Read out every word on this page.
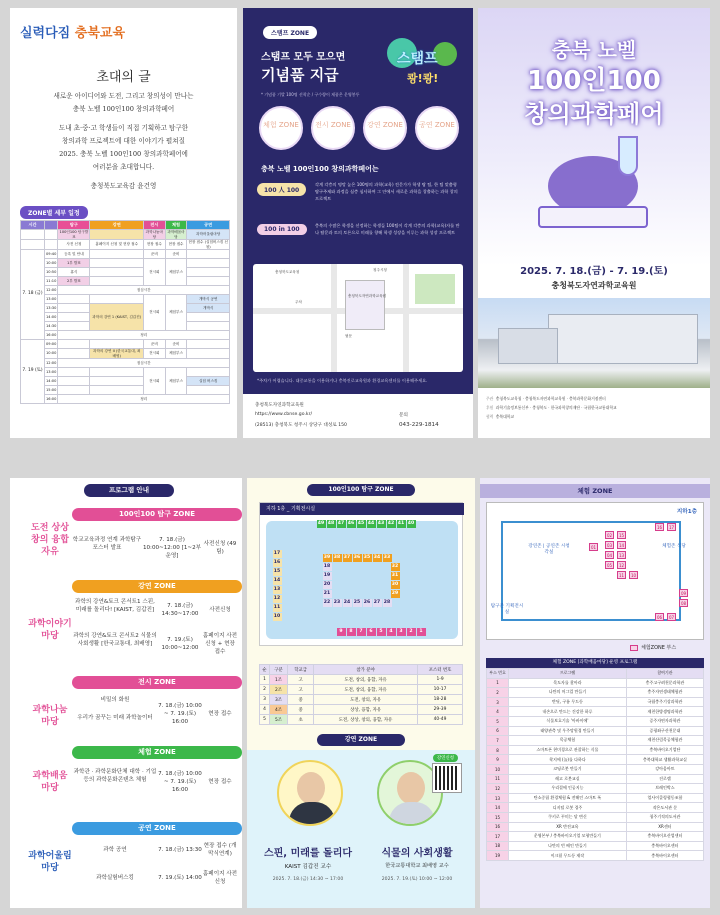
실력다짐 충북교육
초대의 글
새로운 아이디어와 도전, 그리고 창의성이 만나는
충북 노벨 100인100 창의과학페어
도내 초·중·고 학생들이 직접 기획하고 탐구한
창의과학 프로젝트에 대한 이야기가 펼쳐질
2025. 충북 노벨 100인100 창의과학페어에
여러분을 초대합니다.
충청북도교육감 윤건영
ZONE별 세부 일정
시간		탐구	강연	전시	체험	공연
		100인100 탐구발표		과학나눔마당	과학배움마당	과학어울림마당
		사전 신청	홈페이지 신청 및 현장 접수	현장 접수	현장 접수	현장 접수 (실험버스킹 신청)
7. 18 (금)	09:40	등록 및 안내		준비	준비	
	10:00	1부 발표		전시회	체험부스	
	10:50	휴식				
	11:10	2부 발표				
	12:00	점심시간				
	13:00			전시회	체험부스	개막식 공연
	13:30		과학의 강연 1 (KAIST, 김갑진)			개막식
	14:00					
	14:30					
	16:00	정리				
7. 19 (토)	09:00			준비	준비	
	10:00		과학의 강연 II (한국교통대, 최배영)	전시회	체험부스	
	12:00	점심시간				
	13:00			전시회	체험부스	
	14:00					실험 버스킹
	15:00					
	16:00	정리				
스탬프 ZONE
스탬프 모두 모으면
기념품 지급
스탬프
쾅!쾅!
* 기념품 기발 100명 선착순 / 구수량이 제품은 운영봉투
체험 ZONE	전시 ZONE	강연 ZONE	공연 ZONE
충북 노벨 100인100 창의과학페어는
100 人 100
각계 각층의 명망 높은 100명의 과학(교육) 전문가가 학생 탐 팀, 한 팀 맞춤형 탐구주제와 과정을 심층 심사하여 그 안에서 새로운 과학을 창출하는 과학 창의 프로젝트
100 in 100
충북의 수많은 학생을 선정하는 학생들 100팀이 각계 각층의 과학(교육)자를 만나 탐문과 토의 토론으로 미래를 향해 학생 성장을 이루는 과학 성장 프로젝트
충청북도자연과학교육원
충청북도교육청	청주시청
주차
뒷문
*주차가 어렵습니다. 대중교통을 이용하거나 충북진로교육원과 환경교육센터를 이용해주세요.
충청북도자연과학교육원
https://www.cbnse.go.kr/
(28513) 충청북도 청주시 상당구 대성로 150
문의
043-229-1814
충북 노벨
100인100
창의과학페어
2025. 7. 18.(금) - 7. 19.(토)
충청북도자연과학교육원
주관 충청북도교육청 · 충청북도자연과학교육원 · 충북과학문화거점센터
후원 과학기술정보통신부 · 충청북도 · 한국과학창의재단 · 국립한국교통대학교
협력 충북대학교
프로그램 안내
100인100 탐구 ZONE
도전 상상 창의 융합 자유
학교교육과정 연계 과학탐구 포스터 발표
7. 18.(금) 10:00~12:00 [1~2부 운영]
사전신청 (49팀)
강연 ZONE
과학이야기 마당
과학의 강연&토크 콘서트1 스핀, 미래를 돌리다! [KAIST, 김갑진]
7. 18.(금) 14:30~17:00
사전신청
과학의 강연&토크 콘서트2 식물의 사회생활 [한국교통대, 최배영]
7. 19.(토) 10:00~12:00
홈페이지 사전신청 + 현장 접수
전시 ZONE
과학나눔 마당
비밀의 화원
우리가 꿈꾸는 미래 과학놀이터
7. 18.(금) 10:00 ~ 7. 19.(토) 16:00
현장 접수
체험 ZONE
과학배움 마당
과학관 · 과학문화단체 대학 · 기업 등의 과학문화콘텐츠 체험
7. 18.(금) 10:00 ~ 7. 19.(토) 16:00
현장 접수
공연 ZONE
과학어울림 마당
과학 공연	7. 18.(금) 13:30
현장 접수 (개막식연계)
과학실험버스킹	7. 19.(토) 14:00
홈페이지 사전신청
100인100 탐구 ZONE
지하 1층 _ 기획전시실
49 48 47 46 45 44 43 42 41 40
39 38 37 36 35 34 33
18
19
20
21
22 23 24 25 26 27 28
32
31
30
29
17
16
15
14
13
12
11
10
9	8	7	6	5	4	3	2	1
순	구분	학교급	참가 분야	포스터 번호
1	1조	고	도전, 창의, 융합, 자유	1-9
2	2조	고	도전, 창의, 융합, 자유	10-17
3	3조	중	도전, 창의, 자유	18-28
4	4조	중	상상, 융합, 자유	29-39
5	5조	초	도전, 상상, 창의, 융합, 자유	40-49
강연 ZONE
강연신청
스핀, 미래를 돌리다
KAIST 김갑진 교수
2025. 7. 18.(금) 14:30 ~ 17:00
식물의 사회생활
한국교통대학교 최배영 교수
2025. 7. 19.(토) 10:00 ~ 12:00
체험 ZONE
지하1층
강연존 | 공연존 시청각실
체험존 식당
탐구존 기획전시실
16	17
02	15
03	14
13
04
12
05
11	10
09
08
07
06
01
체험ZONE 부스
체험 ZONE [과학배움마당] 운영 프로그램
부스 번호	프로그램	참여기관
1	목도자를 찾아라	충주고구려천문과학관
2	나만의 머그컵 만들기	충주자연생태체험관
3	반딧, 구름 무드등	국립충주기상과학관
4	내손으로 만드는 건강한 하루	제천한방생명과학관
5	식물보호기술 '아바이에'	증주자연자과학관
6	태양관측 및 우주망원경 만들기	증평좌구산천문대
7	목공체험	제천산림목공체험관
8	스마트폰 현미경으로 관찰하는 식물	충북바이오기업단
9	착지에 (놀)를 다하다	충북대학교 생활과학교실
10	코딩로봇 만들기	강아음아트
11	레고 로봇교실	진로랩
12	우리결에 인공지능	브레인박스
13	탄소중립 환경체험 & 전해인 스마트 폭	업사이클링협동조합
14	디지털 로봇 경주	작은도서관 문
15	쿠키로 꾸미는 달 변신	청주기적의도서관
16	XR 반전교육	XR센터
17	운영본부 / 충북바이오기업 모형만들기	충북바이오산업센터
18	나만의 빈 배인 만들기	충북바이오센터
19	이크릴 무드등 제작	충북바이오센터
